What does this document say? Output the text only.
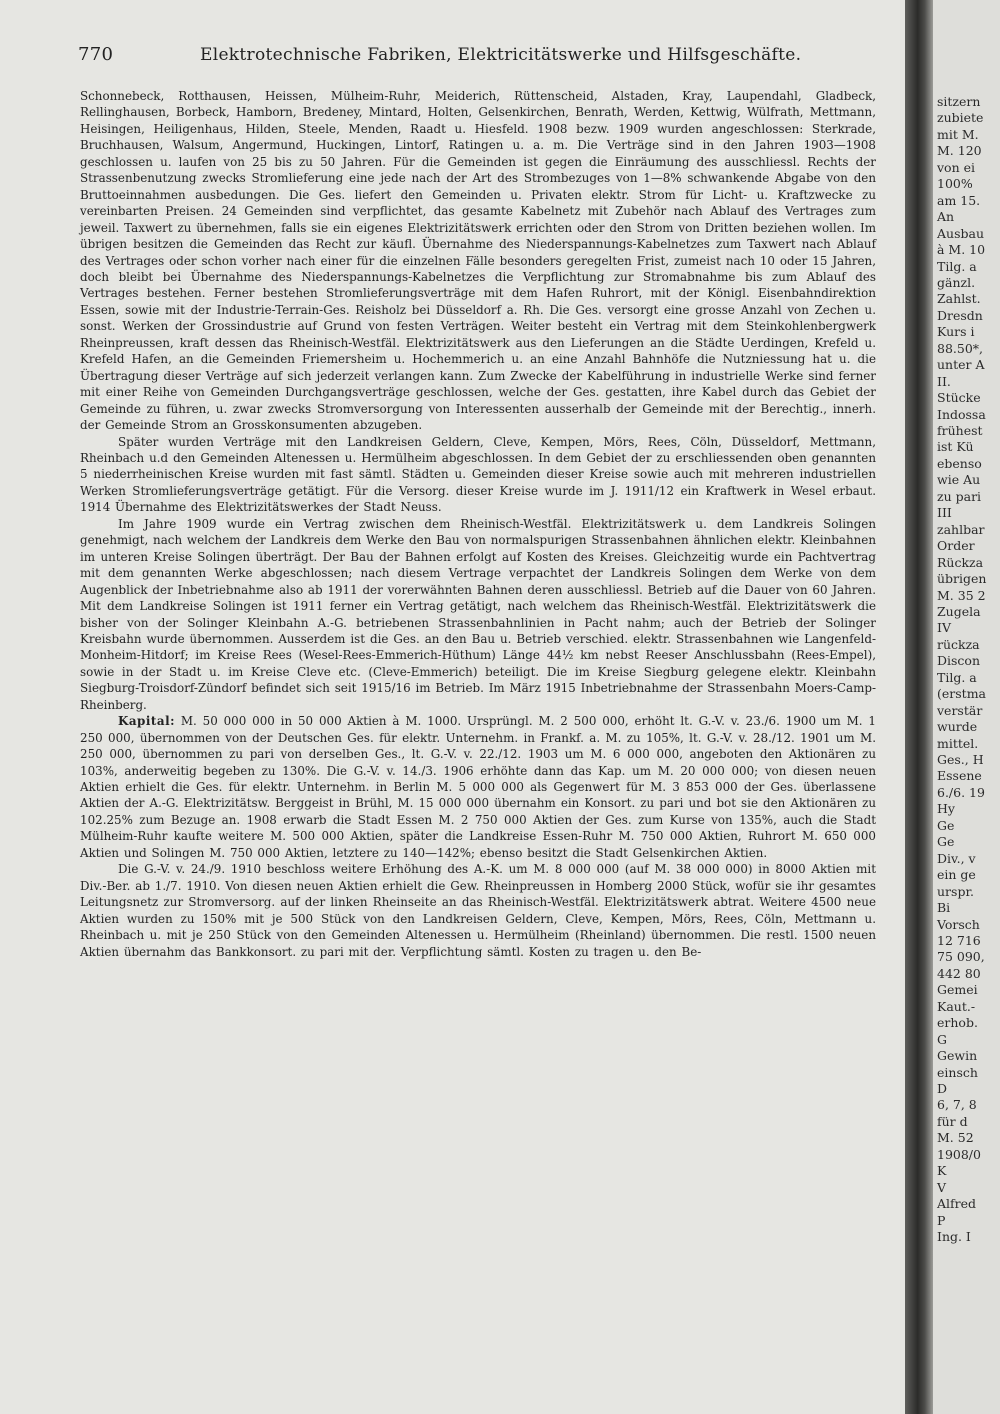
770	Elektrotechnische Fabriken, Elektricitätswerke und Hilfsgeschäfte.

Schonnebeck, Rotthausen, Heissen, Mülheim-Ruhr, Meiderich, Rüttenscheid, Alstaden, Kray, Laupendahl, Gladbeck, Rellinghausen, Borbeck, Hamborn, Bredeney, Mintard, Holten, Gelsenkirchen, Benrath, Werden, Kettwig, Wülfrath, Mettmann, Heisingen, Heiligenhaus, Hilden, Steele, Menden, Raadt u. Hiesfeld. 1908 bezw. 1909 wurden angeschlossen: Sterkrade, Bruchhausen, Walsum, Angermund, Huckingen, Lintorf, Ratingen u. a. m. Die Verträge sind in den Jahren 1903—1908 geschlossen u. laufen von 25 bis zu 50 Jahren. Für die Gemeinden ist gegen die Einräumung des ausschliessl. Rechts der Strassenbenutzung zwecks Stromlieferung eine jede nach der Art des Strombezuges von 1—8% schwankende Abgabe von den Bruttoeinnahmen ausbedungen. Die Ges. liefert den Gemeinden u. Privaten elektr. Strom für Licht- u. Kraftzwecke zu vereinbarten Preisen. 24 Gemeinden sind verpflichtet, das gesamte Kabelnetz mit Zubehör nach Ablauf des Vertrages zum jeweil. Taxwert zu übernehmen, falls sie ein eigenes Elektrizitätswerk errichten oder den Strom von Dritten beziehen wollen. Im übrigen besitzen die Gemeinden das Recht zur käufl. Übernahme des Niederspannungs-Kabelnetzes zum Taxwert nach Ablauf des Vertrages oder schon vorher nach einer für die einzelnen Fälle besonders geregelten Frist, zumeist nach 10 oder 15 Jahren, doch bleibt bei Übernahme des Niederspannungs-Kabelnetzes die Verpflichtung zur Stromabnahme bis zum Ablauf des Vertrages bestehen. Ferner bestehen Stromlieferungsverträge mit dem Hafen Ruhrort, mit der Königl. Eisenbahndirektion Essen, sowie mit der Industrie-Terrain-Ges. Reisholz bei Düsseldorf a. Rh. Die Ges. versorgt eine grosse Anzahl von Zechen u. sonst. Werken der Grossindustrie auf Grund von festen Verträgen. Weiter besteht ein Vertrag mit dem Steinkohlenbergwerk Rheinpreussen, kraft dessen das Rheinisch-Westfäl. Elektrizitätswerk aus den Lieferungen an die Städte Uerdingen, Krefeld u. Krefeld Hafen, an die Gemeinden Friemersheim u. Hochemmerich u. an eine Anzahl Bahnhöfe die Nutzniessung hat u. die Übertragung dieser Verträge auf sich jederzeit verlangen kann. Zum Zwecke der Kabelführung in industrielle Werke sind ferner mit einer Reihe von Gemeinden Durchgangsverträge geschlossen, welche der Ges. gestatten, ihre Kabel durch das Gebiet der Gemeinde zu führen, u. zwar zwecks Stromversorgung von Interessenten ausserhalb der Gemeinde mit der Berechtig., innerh. der Gemeinde Strom an Grosskonsumenten abzugeben.

Später wurden Verträge mit den Landkreisen Geldern, Cleve, Kempen, Mörs, Rees, Cöln, Düsseldorf, Mettmann, Rheinbach u.d den Gemeinden Altenessen u. Hermülheim abgeschlossen. In dem Gebiet der zu erschliessenden oben genannten 5 niederrheinischen Kreise wurden mit fast sämtl. Städten u. Gemeinden dieser Kreise sowie auch mit mehreren industriellen Werken Stromlieferungsverträge getätigt. Für die Versorg. dieser Kreise wurde im J. 1911/12 ein Kraftwerk in Wesel erbaut. 1914 Übernahme des Elektrizitätswerkes der Stadt Neuss.

Im Jahre 1909 wurde ein Vertrag zwischen dem Rheinisch-Westfäl. Elektrizitätswerk u. dem Landkreis Solingen genehmigt, nach welchem der Landkreis dem Werke den Bau von normalspurigen Strassenbahnen ähnlichen elektr. Kleinbahnen im unteren Kreise Solingen überträgt. Der Bau der Bahnen erfolgt auf Kosten des Kreises. Gleichzeitig wurde ein Pachtvertrag mit dem genannten Werke abgeschlossen; nach diesem Vertrage verpachtet der Landkreis Solingen dem Werke von dem Augenblick der Inbetriebnahme also ab 1911 der vorerwähnten Bahnen deren ausschliessl. Betrieb auf die Dauer von 60 Jahren. Mit dem Landkreise Solingen ist 1911 ferner ein Vertrag getätigt, nach welchem das Rheinisch-Westfäl. Elektrizitätswerk die bisher von der Solinger Kleinbahn A.-G. betriebenen Strassenbahnlinien in Pacht nahm; auch der Betrieb der Solinger Kreisbahn wurde übernommen. Ausserdem ist die Ges. an den Bau u. Betrieb verschied. elektr. Strassenbahnen wie Langenfeld-Monheim-Hitdorf; im Kreise Rees (Wesel-Rees-Emmerich-Hüthum) Länge 44½ km nebst Reeser Anschlussbahn (Rees-Empel), sowie in der Stadt u. im Kreise Cleve etc. (Cleve-Emmerich) beteiligt. Die im Kreise Siegburg gelegene elektr. Kleinbahn Siegburg-Troisdorf-Zündorf befindet sich seit 1915/16 im Betrieb. Im März 1915 Inbetriebnahme der Strassenbahn Moers-Camp-Rheinberg.

Kapital: M. 50 000 000 in 50 000 Aktien à M. 1000. Ursprüngl. M. 2 500 000, erhöht lt. G.-V. v. 23./6. 1900 um M. 1 250 000, übernommen von der Deutschen Ges. für elektr. Unternehm. in Frankf. a. M. zu 105%, lt. G.-V. v. 28./12. 1901 um M. 250 000, übernommen zu pari von derselben Ges., lt. G.-V. v. 22./12. 1903 um M. 6 000 000, angeboten den Aktionären zu 103%, anderweitig begeben zu 130%. Die G.-V. v. 14./3. 1906 erhöhte dann das Kap. um M. 20 000 000; von diesen neuen Aktien erhielt die Ges. für elektr. Unternehm. in Berlin M. 5 000 000 als Gegenwert für M. 3 853 000 der Ges. überlassene Aktien der A.-G. Elektrizitätsw. Berggeist in Brühl, M. 15 000 000 übernahm ein Konsort. zu pari und bot sie den Aktionären zu 102.25% zum Bezuge an. 1908 erwarb die Stadt Essen M. 2 750 000 Aktien der Ges. zum Kurse von 135%, auch die Stadt Mülheim-Ruhr kaufte weitere M. 500 000 Aktien, später die Landkreise Essen-Ruhr M. 750 000 Aktien, Ruhrort M. 650 000 Aktien und Solingen M. 750 000 Aktien, letztere zu 140—142%; ebenso besitzt die Stadt Gelsenkirchen Aktien.

Die G.-V. v. 24./9. 1910 beschloss weitere Erhöhung des A.-K. um M. 8 000 000 (auf M. 38 000 000) in 8000 Aktien mit Div.-Ber. ab 1./7. 1910. Von diesen neuen Aktien erhielt die Gew. Rheinpreussen in Homberg 2000 Stück, wofür sie ihr gesamtes Leitungsnetz zur Stromversorg. auf der linken Rheinseite an das Rheinisch-Westfäl. Elektrizitätswerk abtrat. Weitere 4500 neue Aktien wurden zu 150% mit je 500 Stück von den Landkreisen Geldern, Cleve, Kempen, Mörs, Rees, Cöln, Mettmann u. Rheinbach u. mit je 250 Stück von den Gemeinden Altenessen u. Hermülheim (Rheinland) übernommen. Die restl. 1500 neuen Aktien übernahm das Bankkonsort. zu pari mit der. Verpflichtung sämtl. Kosten zu tragen u. den Be-

sitzern
zubiete
mit M.
M. 120
von ei
100%
am 15.
An
Ausbau
à M. 10
Tilg. a
gänzl.
Zahlst.
Dresdn
Kurs i
88.50*,
unter A
II.
Stücke
Indossa
frühest
ist Kü
ebenso
wie Au
zu pari
III
zahlbar
Order
Rückza
übrigen
M. 35 2
Zugela
IV
rückza
Discon
Tilg. a
(erstma
verstär
wurde
mittel.
Ges., H
Essene
6./6. 19
Hy
Ge
Ge
Div., v
ein ge
urspr.
Bi
Vorsch
12 716
75 090,
442 80
Gemei
Kaut.-
erhob.
G
Gewin
einsch
D
6, 7, 8
für d
M. 52
1908/0
K
V
Alfred
P
Ing. I
